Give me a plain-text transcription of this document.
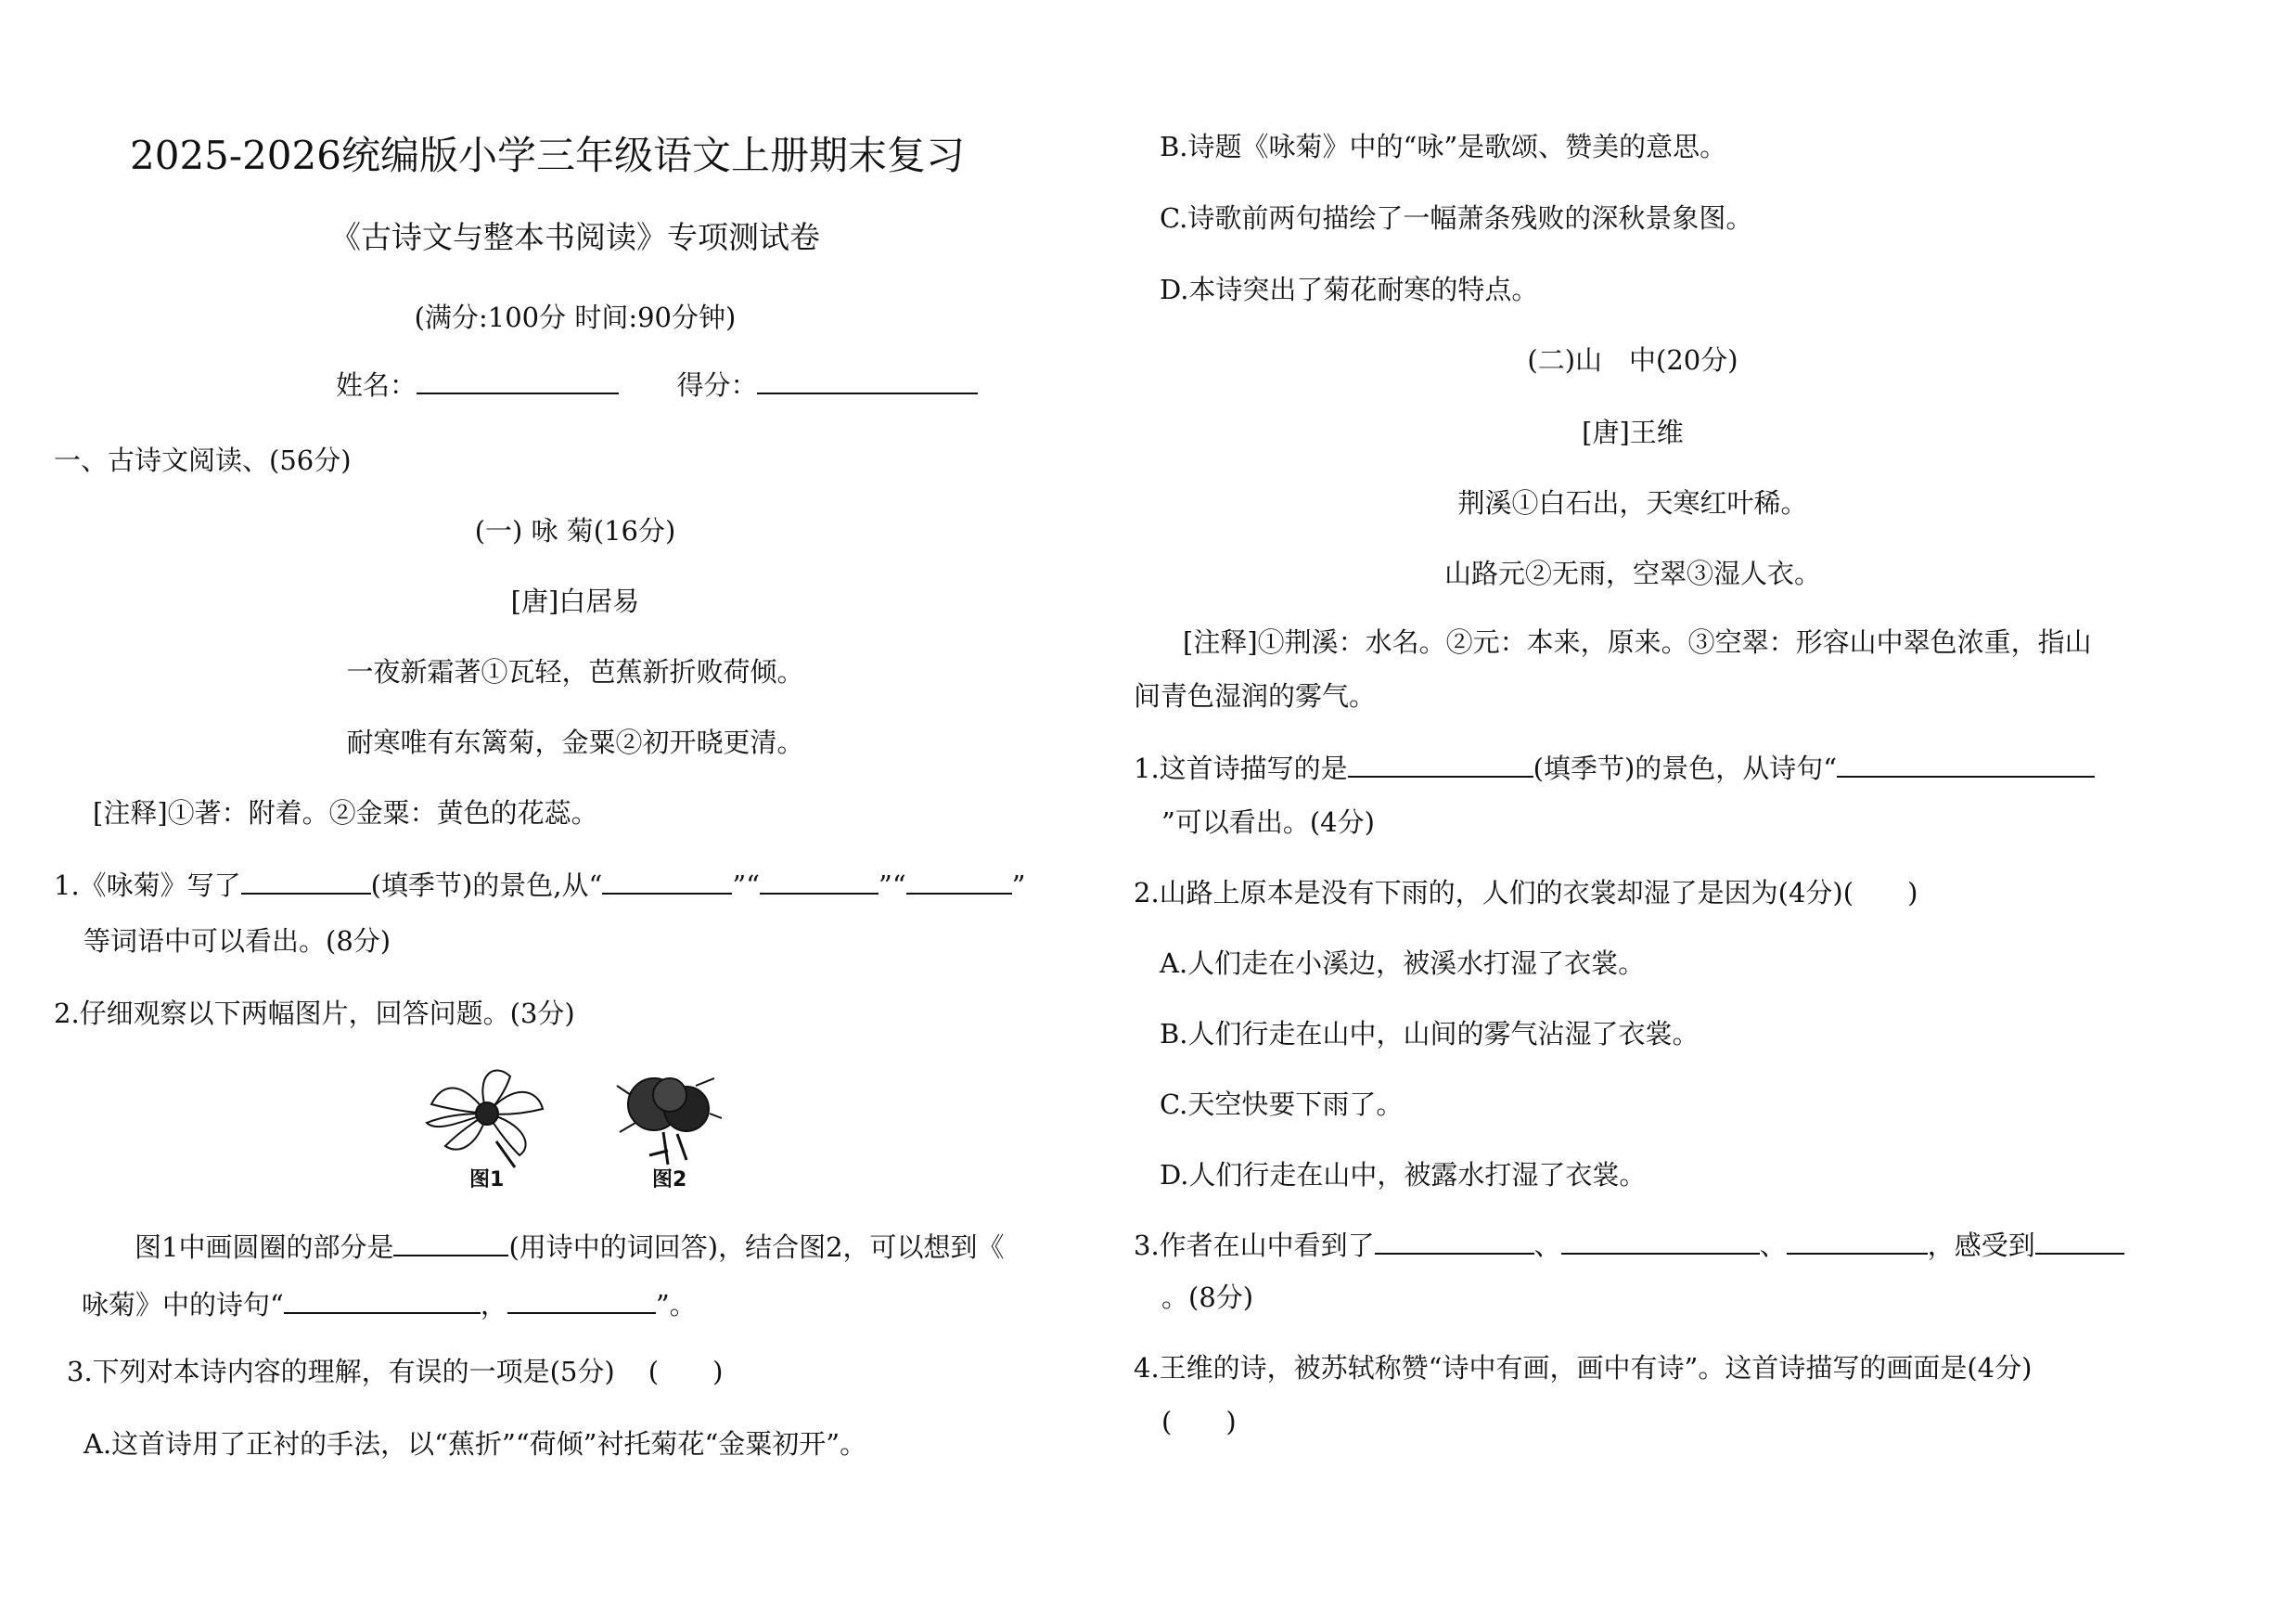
2025-2026统编版小学三年级语文上册期末复习
《古诗文与整本书阅读》专项测试卷
(满分:100分 时间:90分钟)
姓名：	得分：
一、古诗文阅读、(56分)
(一) 咏 菊(16分)
[唐]白居易
一夜新霜著①瓦轻，芭蕉新折败荷倾。
耐寒唯有东篱菊，金粟②初开晓更清。
[注释]①著：附着。②金粟：黄色的花蕊。
1.《咏菊》写了	(填季节)的景色,从“	”“	”“	”
等词语中可以看出。(8分)
2.仔细观察以下两幅图片，回答问题。(3分)
图1	图2
图1中画圆圈的部分是	(用诗中的词回答)，结合图2，可以想到《
咏菊》中的诗句“	，	”。
3.下列对本诗内容的理解，有误的一项是(5分) (　　)
A.这首诗用了正衬的手法，以“蕉折”“荷倾”衬托菊花“金粟初开”。
B.诗题《咏菊》中的“咏”是歌颂、赞美的意思。
C.诗歌前两句描绘了一幅萧条残败的深秋景象图。
D.本诗突出了菊花耐寒的特点。
(二)山　中(20分)
[唐]王维
荆溪①白石出，天寒红叶稀。
山路元②无雨，空翠③湿人衣。
[注释]①荆溪：水名。②元：本来，原来。③空翠：形容山中翠色浓重，指山
间青色湿润的雾气。
1.这首诗描写的是	(填季节)的景色，从诗句“
”可以看出。(4分)
2.山路上原本是没有下雨的，人们的衣裳却湿了是因为(4分)(　　)
A.人们走在小溪边，被溪水打湿了衣裳。
B.人们行走在山中，山间的雾气沾湿了衣裳。
C.天空快要下雨了。
D.人们行走在山中，被露水打湿了衣裳。
3.作者在山中看到了	、	、	，感受到
。(8分)
4.王维的诗，被苏轼称赞“诗中有画，画中有诗”。这首诗描写的画面是(4分)
(　　)
